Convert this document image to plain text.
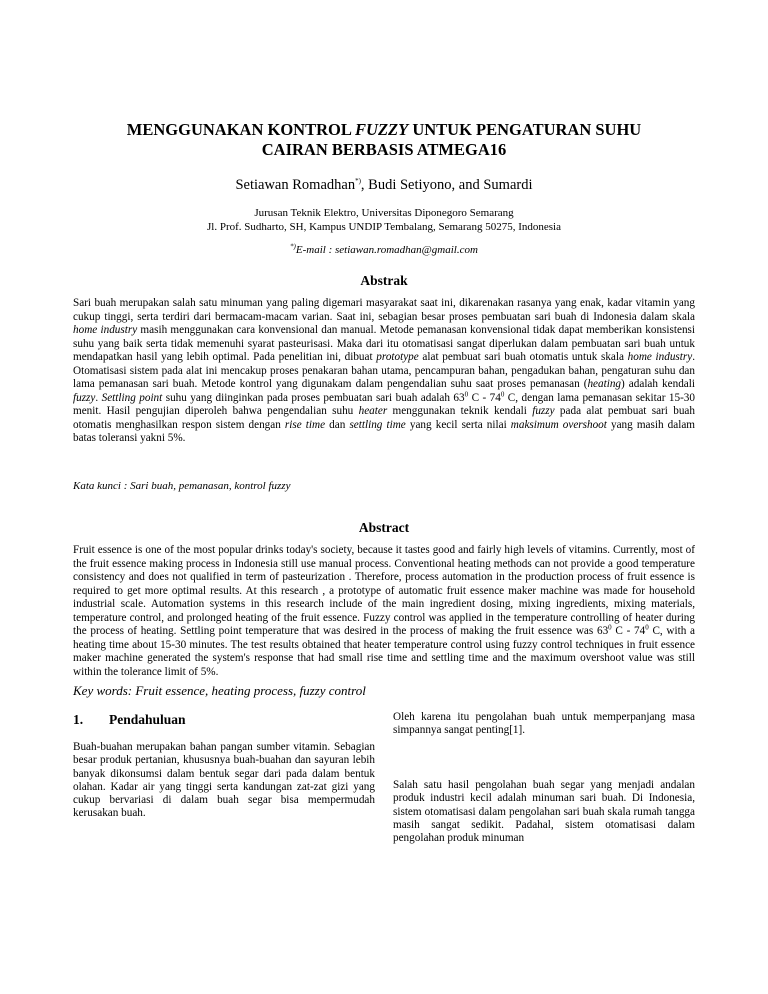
MENGGUNAKAN KONTROL FUZZY UNTUK PENGATURAN SUHU
CAIRAN BERBASIS ATMEGA16
Setiawan Romadhan*), Budi Setiyono, and Sumardi
Jurusan Teknik Elektro, Universitas Diponegoro Semarang
Jl. Prof. Sudharto, SH, Kampus UNDIP Tembalang, Semarang 50275, Indonesia
*)E-mail : setiawan.romadhan@gmail.com
Abstrak
Sari buah merupakan salah satu minuman yang paling digemari masyarakat saat ini, dikarenakan rasanya yang enak, kadar vitamin yang cukup tinggi, serta terdiri dari bermacam-macam varian. Saat ini, sebagian besar proses pembuatan sari buah di Indonesia dalam skala home industry masih menggunakan cara konvensional dan manual. Metode pemanasan konvensional tidak dapat memberikan konsistensi suhu yang baik serta tidak memenuhi syarat pasteurisasi. Maka dari itu otomatisasi sangat diperlukan dalam pembuatan sari buah untuk mendapatkan hasil yang lebih optimal. Pada penelitian ini, dibuat prototype alat pembuat sari buah otomatis untuk skala home industry. Otomatisasi sistem pada alat ini mencakup proses penakaran bahan utama, pencampuran bahan, pengadukan bahan, pengaturan suhu dan lama pemanasan sari buah. Metode kontrol yang digunakam dalam pengendalian suhu saat proses pemanasan (heating) adalah kendali fuzzy. Settling point suhu yang diinginkan pada proses pembuatan sari buah adalah $63^0$ C - $74^0$ C, dengan lama pemanasan sekitar 15-30 menit. Hasil pengujian diperoleh bahwa pengendalian suhu heater menggunakan teknik kendali fuzzy pada alat pembuat sari buah otomatis menghasilkan respon sistem dengan rise time dan settling time yang kecil serta nilai maksimum overshoot yang masih dalam batas toleransi yakni 5%.
Kata kunci : Sari buah, pemanasan, kontrol fuzzy
Abstract
Fruit essence is one of the most popular drinks today's society, because it tastes good and fairly high levels of vitamins. Currently, most of the fruit essence making process in Indonesia still use manual process. Conventional heating methods can not provide a good temperature consistency and does not qualified in term of pasteurization . Therefore, process automation in the production process of fruit essence is required to get more optimal results. At this research , a prototype of automatic fruit essence maker machine was made for household industrial scale. Automation systems in this research include of the main ingredient dosing, mixing ingredients, mixing materials, temperature control, and prolonged heating of the fruit essence. Fuzzy control was applied in the temperature controlling of heater during the process of heating. Settling point temperature that was desired in the process of making the fruit essence was $63^0$ C - $74^0$ C, with a heating time about 15-30 minutes. The test results obtained that heater temperature control using fuzzy control techniques in fruit essence maker machine generated the system's response that had small rise time and settling time and the maximum overshoot value was still within the tolerance limit of 5%.
Key words: Fruit essence, heating process, fuzzy control
1. Pendahuluan
Buah-buahan merupakan bahan pangan sumber vitamin. Sebagian besar produk pertanian, khususnya buah-buahan dan sayuran lebih banyak dikonsumsi dalam bentuk segar dari pada dalam bentuk olahan. Kadar air yang tinggi serta kandungan zat-zat gizi yang cukup bervariasi di dalam buah segar bisa mempermudah kerusakan buah.
Oleh karena itu pengolahan buah untuk memperpanjang masa simpannya sangat penting[1].
Salah satu hasil pengolahan buah segar yang menjadi andalan produk industri kecil adalah minuman sari buah. Di Indonesia, sistem otomatisasi dalam pengolahan sari buah skala rumah tangga masih sangat sedikit. Padahal, sistem otomatisasi dalam pengolahan produk minuman
